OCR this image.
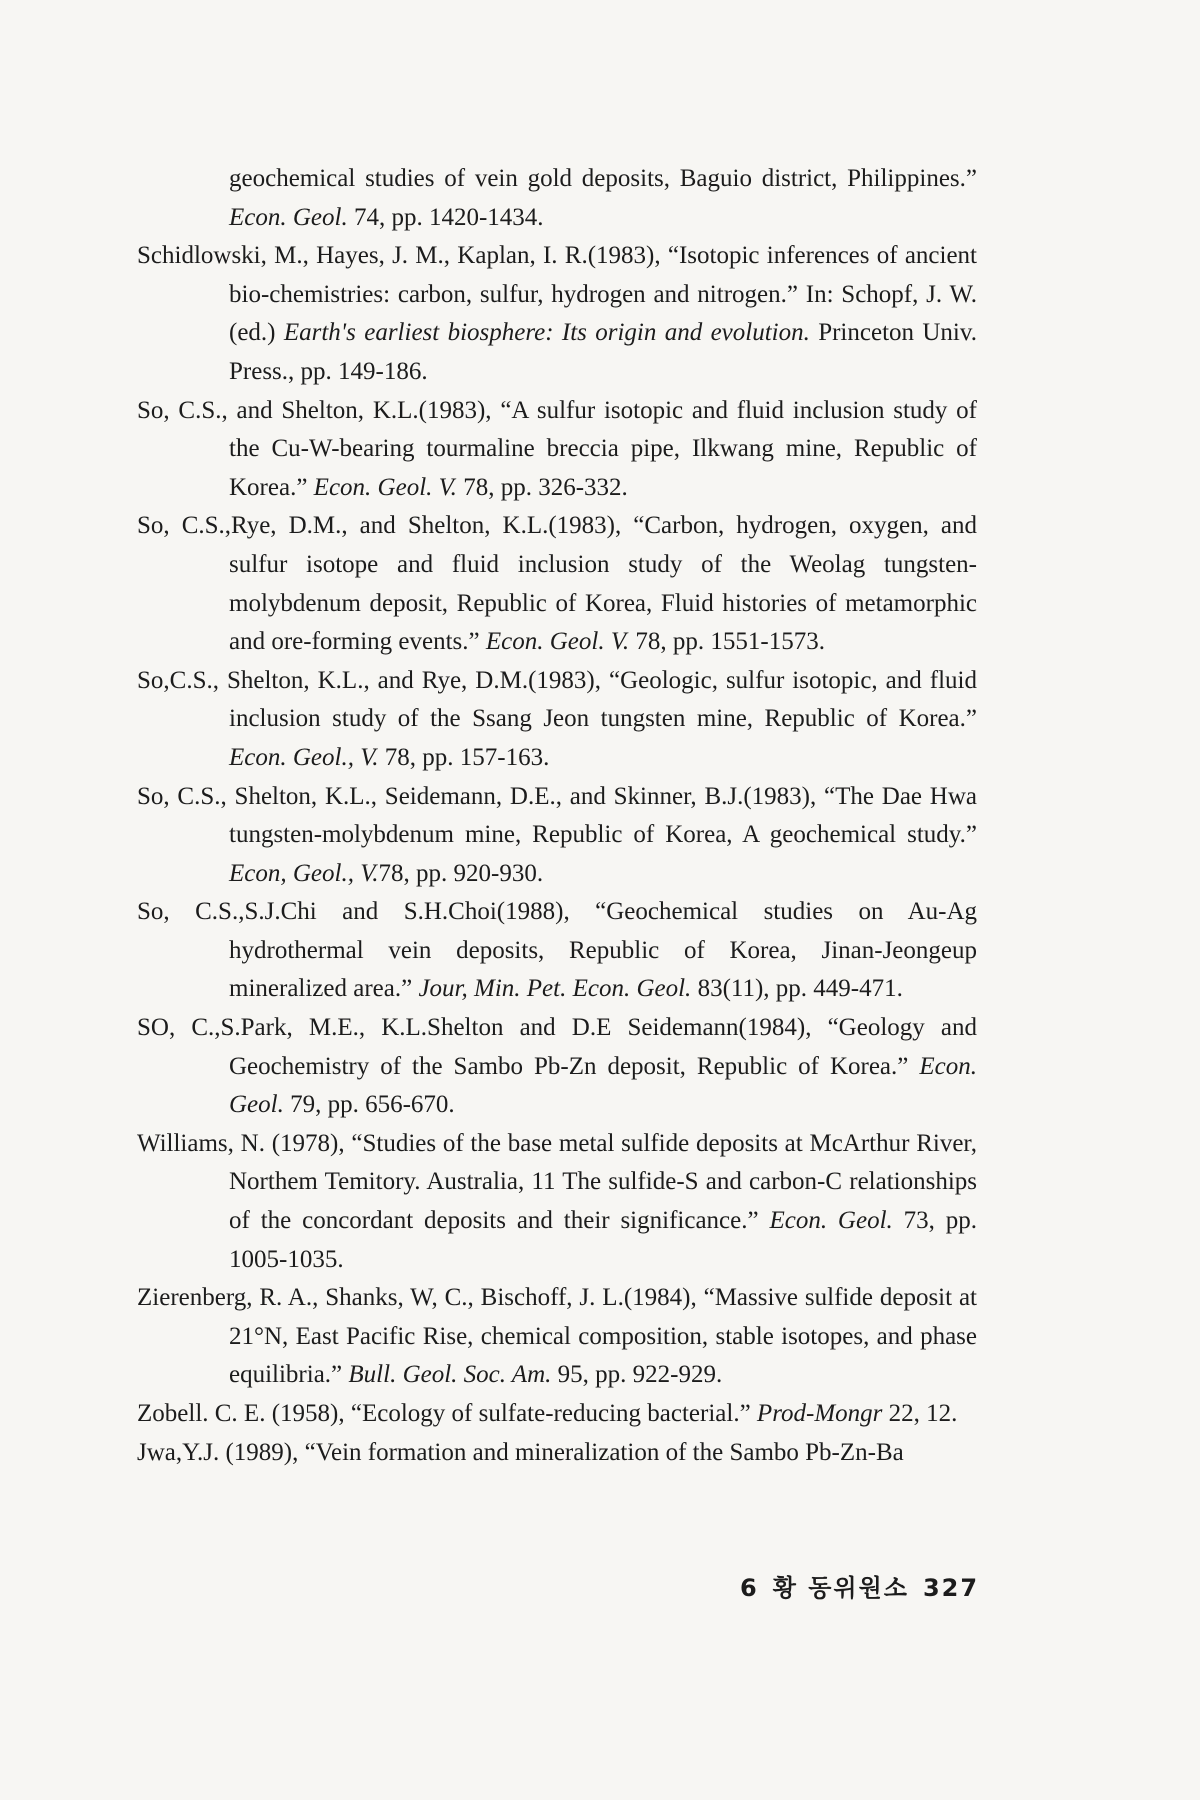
geochemical studies of vein gold deposits, Baguio district, Philippines.” Econ. Geol. 74, pp. 1420-1434.
Schidlowski, M., Hayes, J. M., Kaplan, I. R.(1983), “Isotopic inferences of ancient bio-chemistries: carbon, sulfur, hydrogen and nitrogen.” In: Schopf, J. W.(ed.) Earth's earliest biosphere: Its origin and evolution. Princeton Univ. Press., pp. 149-186.
So, C.S., and Shelton, K.L.(1983), “A sulfur isotopic and fluid inclusion study of the Cu-W-bearing tourmaline breccia pipe, Ilkwang mine, Republic of Korea.” Econ. Geol. V. 78, pp. 326-332.
So, C.S.,Rye, D.M., and Shelton, K.L.(1983), “Carbon, hydrogen, oxygen, and sulfur isotope and fluid inclusion study of the Weolag tungsten-molybdenum deposit, Republic of Korea, Fluid histories of metamorphic and ore-forming events.” Econ. Geol. V. 78, pp. 1551-1573.
So,C.S., Shelton, K.L., and Rye, D.M.(1983), “Geologic, sulfur isotopic, and fluid inclusion study of the Ssang Jeon tungsten mine, Republic of Korea.” Econ. Geol., V. 78, pp. 157-163.
So, C.S., Shelton, K.L., Seidemann, D.E., and Skinner, B.J.(1983), “The Dae Hwa tungsten-molybdenum mine, Republic of Korea, A geochemical study.” Econ, Geol., V.78, pp. 920-930.
So, C.S.,S.J.Chi and S.H.Choi(1988), “Geochemical studies on Au-Ag hydrothermal vein deposits, Republic of Korea, Jinan-Jeongeup mineralized area.” Jour, Min. Pet. Econ. Geol. 83(11), pp. 449-471.
SO, C.,S.Park, M.E., K.L.Shelton and D.E Seidemann(1984), “Geology and Geochemistry of the Sambo Pb-Zn deposit, Republic of Korea.” Econ. Geol. 79, pp. 656-670.
Williams, N. (1978), “Studies of the base metal sulfide deposits at McArthur River, Northem Temitory. Australia, 11 The sulfide-S and carbon-C relationships of the concordant deposits and their significance.” Econ. Geol. 73, pp. 1005-1035.
Zierenberg, R. A., Shanks, W, C., Bischoff, J. L.(1984), “Massive sulfide deposit at 21°N, East Pacific Rise, chemical composition, stable isotopes, and phase equilibria.” Bull. Geol. Soc. Am. 95, pp. 922-929.
Zobell. C. E. (1958), “Ecology of sulfate-reducing bacterial.” Prod-Mongr 22, 12.
Jwa,Y.J. (1989), “Vein formation and mineralization of the Sambo Pb-Zn-Ba
6 황 동위원소 327
